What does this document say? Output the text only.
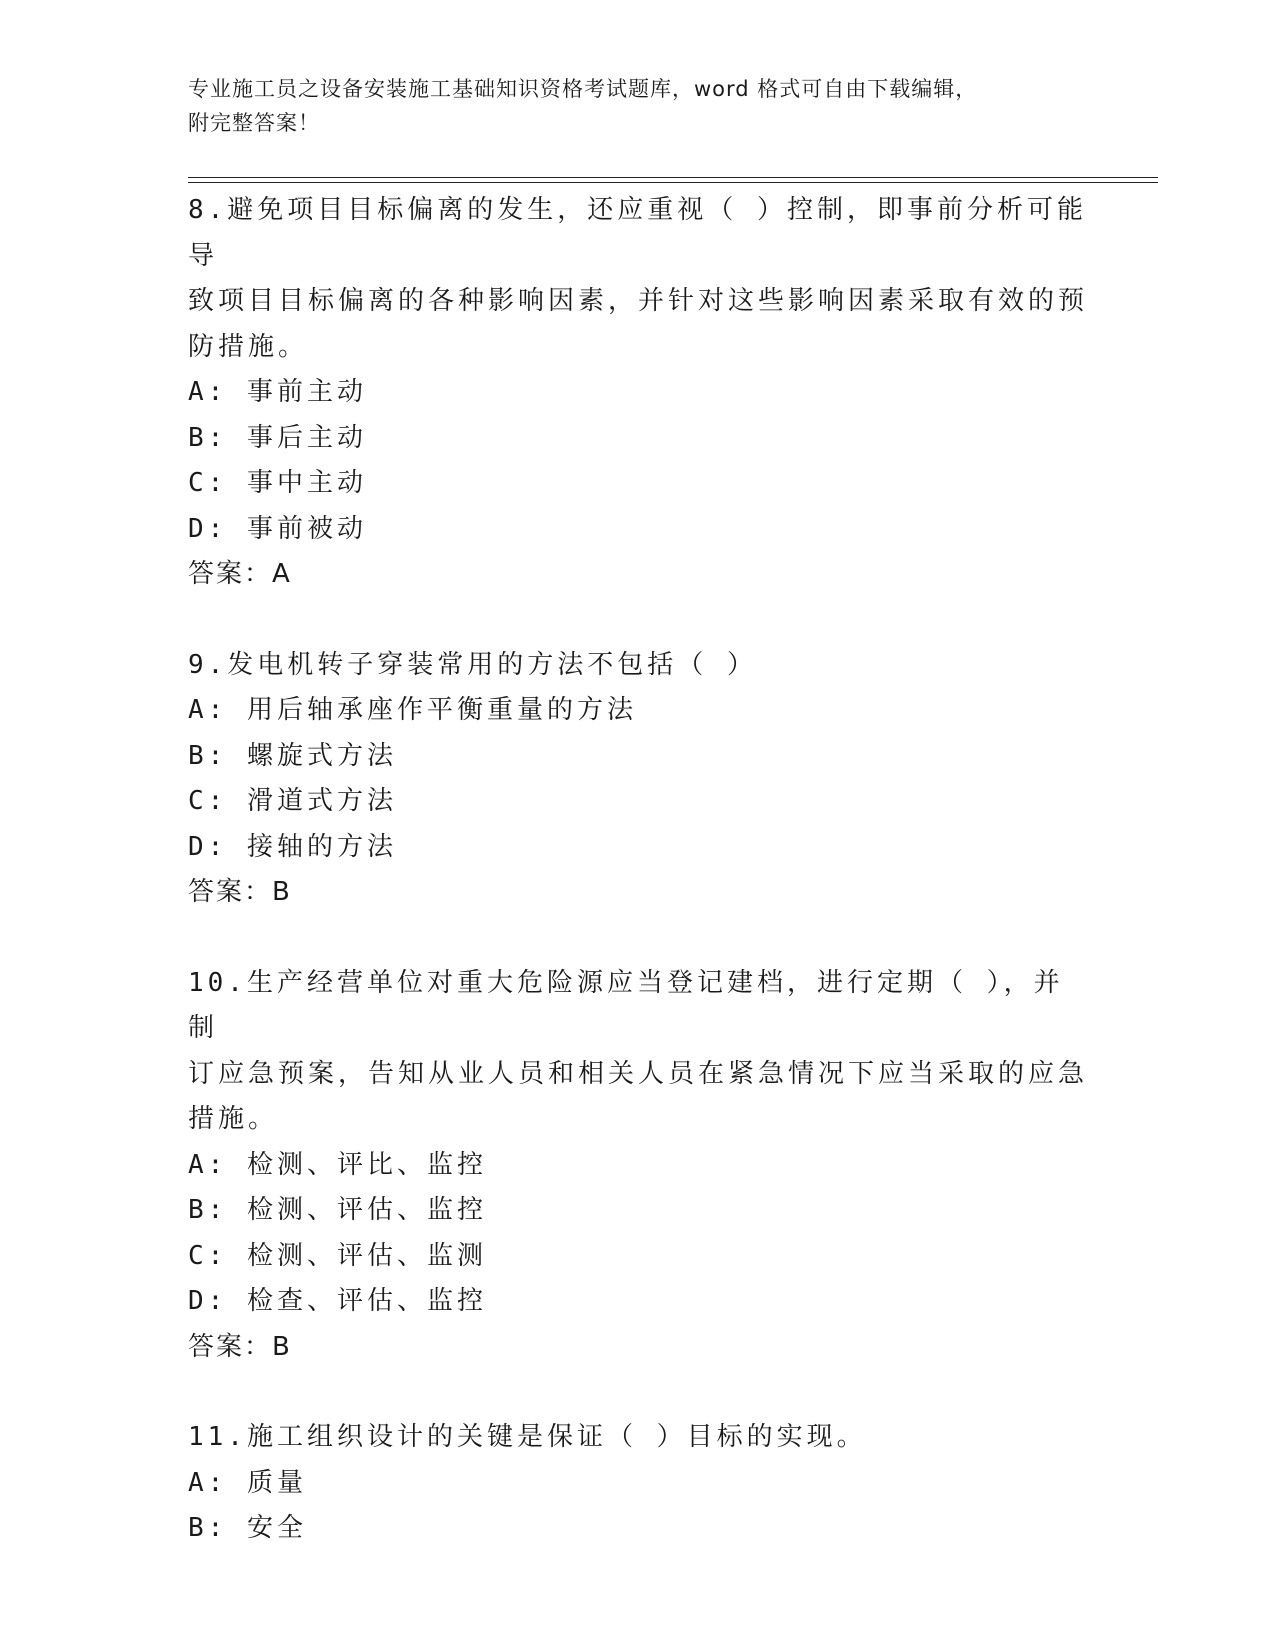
专业施工员之设备安装施工基础知识资格考试题库，word 格式可自由下载编辑，
附完整答案！
8.避免项目目标偏离的发生，还应重视（ ）控制，即事前分析可能导
致项目目标偏离的各种影响因素，并针对这些影响因素采取有效的预
防措施。
A: 事前主动
B: 事后主动
C: 事中主动
D: 事前被动
答案：A
9.发电机转子穿装常用的方法不包括（ ）
A: 用后轴承座作平衡重量的方法
B: 螺旋式方法
C: 滑道式方法
D: 接轴的方法
答案：B
10.生产经营单位对重大危险源应当登记建档，进行定期（ ），并制
订应急预案，告知从业人员和相关人员在紧急情况下应当采取的应急
措施。
A: 检测、评比、监控
B: 检测、评估、监控
C: 检测、评估、监测
D: 检查、评估、监控
答案：B
11.施工组织设计的关键是保证（ ）目标的实现。
A: 质量
B: 安全
